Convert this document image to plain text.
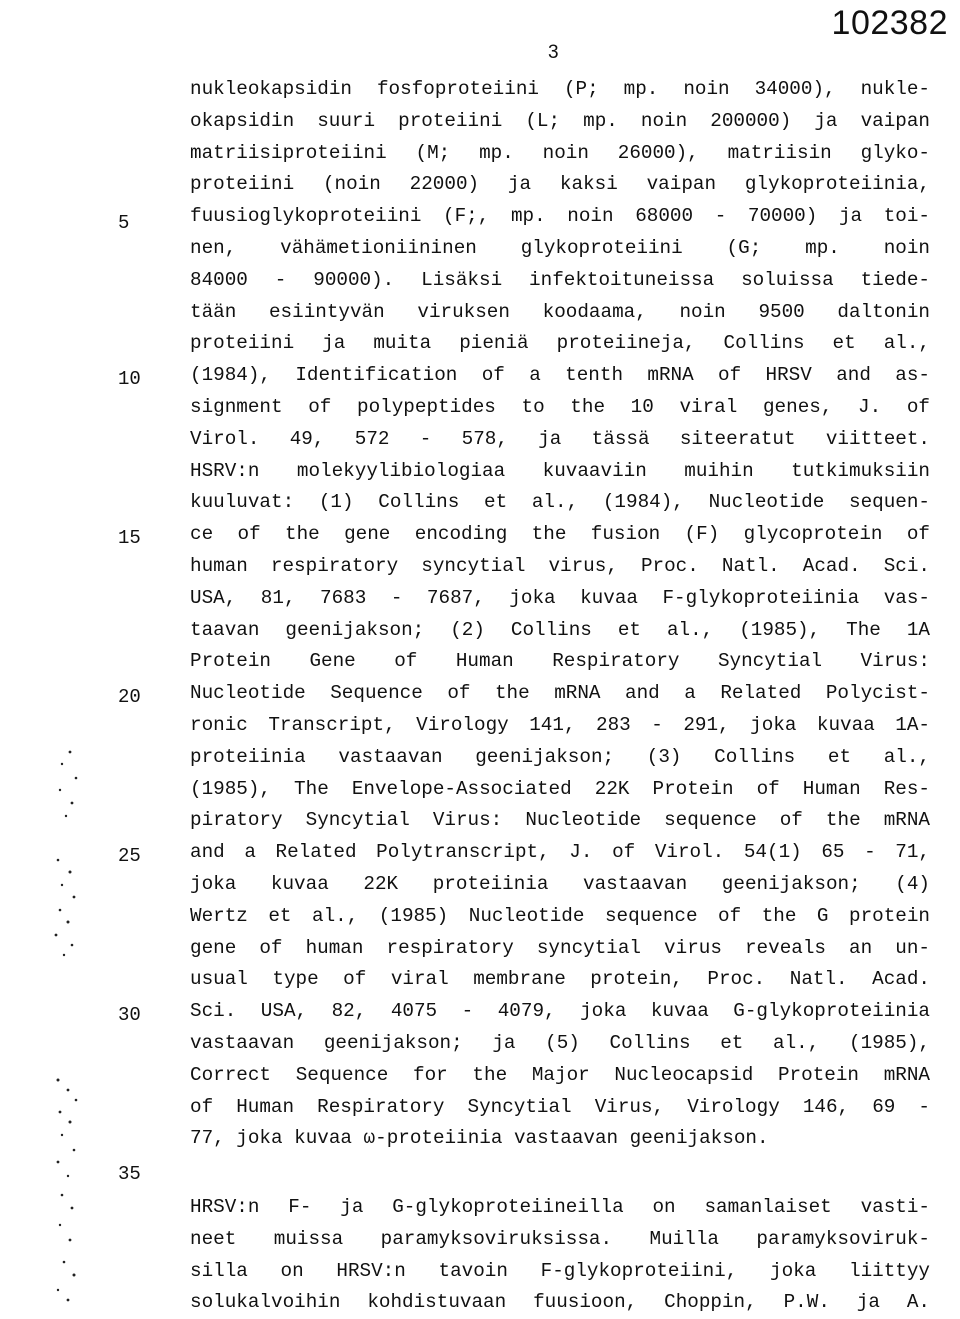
102382
3
5
10
15
20
25
30
35
nukleokapsidin fosfoproteiini (P; mp. noin 34000), nukle-
okapsidin suuri proteiini (L; mp. noin 200000) ja vaipan
matriisiproteiini (M; mp. noin 26000), matriisin glyko-
proteiini (noin 22000) ja kaksi vaipan glykoproteiinia,
fuusioglykoproteiini (F;, mp. noin 68000 - 70000) ja toi-
nen, vähämetioniininen glykoproteiini (G; mp. noin
84000 - 90000). Lisäksi infektoituneissa soluissa tiede-
tään esiintyvän viruksen koodaama, noin 9500 daltonin
proteiini ja muita pieniä proteiineja, Collins et al.,
(1984), Identification of a tenth mRNA of HRSV and as-
signment of polypeptides to the 10 viral genes, J. of
Virol. 49, 572 - 578, ja tässä siteeratut viitteet.
HSRV:n molekyylibiologiaa kuvaaviin muihin tutkimuksiin
kuuluvat: (1) Collins et al., (1984), Nucleotide sequen-
ce of the gene encoding the fusion (F) glycoprotein of
human respiratory syncytial virus, Proc. Natl. Acad. Sci.
USA, 81, 7683 - 7687, joka kuvaa F-glykoproteiinia vas-
taavan geenijakson; (2) Collins et al., (1985), The 1A
Protein Gene of Human Respiratory Syncytial Virus:
Nucleotide Sequence of the mRNA and a Related Polycist-
ronic Transcript, Virology 141, 283 - 291, joka kuvaa 1A-
proteiinia vastaavan geenijakson; (3) Collins et al.,
(1985), The Envelope-Associated 22K Protein of Human Res-
piratory Syncytial Virus: Nucleotide sequence of the mRNA
and a Related Polytranscript, J. of Virol. 54(1) 65 - 71,
joka kuvaa 22K proteiinia vastaavan geenijakson; (4)
Wertz et al., (1985) Nucleotide sequence of the G protein
gene of human respiratory syncytial virus reveals an un-
usual type of viral membrane protein, Proc. Natl. Acad.
Sci. USA, 82, 4075 - 4079, joka kuvaa G-glykoproteiinia
vastaavan geenijakson; ja (5) Collins et al., (1985),
Correct Sequence for the Major Nucleocapsid Protein mRNA
of Human Respiratory Syncytial Virus, Virology 146, 69 -
77, joka kuvaa ω-proteiinia vastaavan geenijakson.
HRSV:n F- ja G-glykoproteiineilla on samanlaiset vasti-
neet muissa paramyksoviruksissa. Muilla paramyksoviruk-
silla on HRSV:n tavoin F-glykoproteiini, joka liittyy
solukalvoihin kohdistuvaan fuusioon, Choppin, P.W. ja A.
